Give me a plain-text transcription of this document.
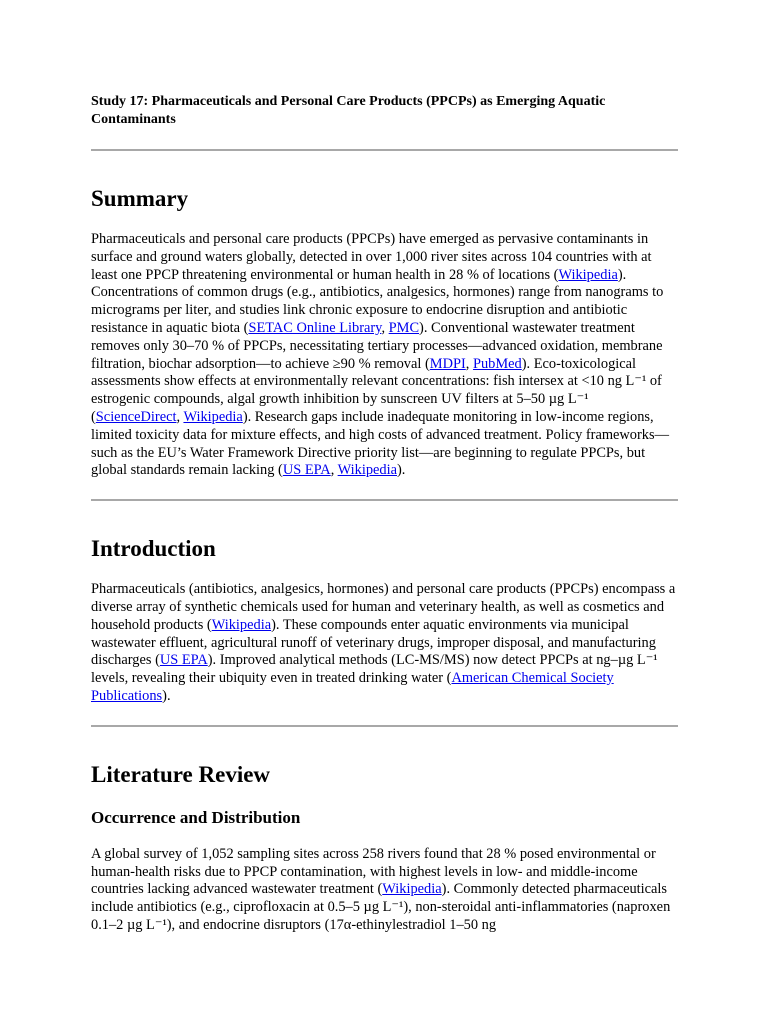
Study 17: Pharmaceuticals and Personal Care Products (PPCPs) as Emerging Aquatic Contaminants
Summary

Pharmaceuticals and personal care products (PPCPs) have emerged as pervasive contaminants in surface and ground waters globally, detected in over 1,000 river sites across 104 countries with at least one PPCP threatening environmental or human health in 28 % of locations (Wikipedia). Concentrations of common drugs (e.g., antibiotics, analgesics, hormones) range from nanograms to micrograms per liter, and studies link chronic exposure to endocrine disruption and antibiotic resistance in aquatic biota (SETAC Online Library, PMC). Conventional wastewater treatment removes only 30–70 % of PPCPs, necessitating tertiary processes—advanced oxidation, membrane filtration, biochar adsorption—to achieve ≥90 % removal (MDPI, PubMed). Eco-toxicological assessments show effects at environmentally relevant concentrations: fish intersex at <10 ng L⁻¹ of estrogenic compounds, algal growth inhibition by sunscreen UV filters at 5–50 µg L⁻¹ (ScienceDirect, Wikipedia). Research gaps include inadequate monitoring in low-income regions, limited toxicity data for mixture effects, and high costs of advanced treatment. Policy frameworks—such as the EU’s Water Framework Directive priority list—are beginning to regulate PPCPs, but global standards remain lacking (US EPA, Wikipedia).

Introduction

Pharmaceuticals (antibiotics, analgesics, hormones) and personal care products (PPCPs) encompass a diverse array of synthetic chemicals used for human and veterinary health, as well as cosmetics and household products (Wikipedia). These compounds enter aquatic environments via municipal wastewater effluent, agricultural runoff of veterinary drugs, improper disposal, and manufacturing discharges (US EPA). Improved analytical methods (LC-MS/MS) now detect PPCPs at ng–µg L⁻¹ levels, revealing their ubiquity even in treated drinking water (American Chemical Society Publications).

Literature Review
Occurrence and Distribution

A global survey of 1,052 sampling sites across 258 rivers found that 28 % posed environmental or human-health risks due to PPCP contamination, with highest levels in low- and middle-income countries lacking advanced wastewater treatment (Wikipedia). Commonly detected pharmaceuticals include antibiotics (e.g., ciprofloxacin at 0.5–5 µg L⁻¹), non-steroidal anti-inflammatories (naproxen 0.1–2 µg L⁻¹), and endocrine disruptors (17α-ethinylestradiol 1–50 ng
